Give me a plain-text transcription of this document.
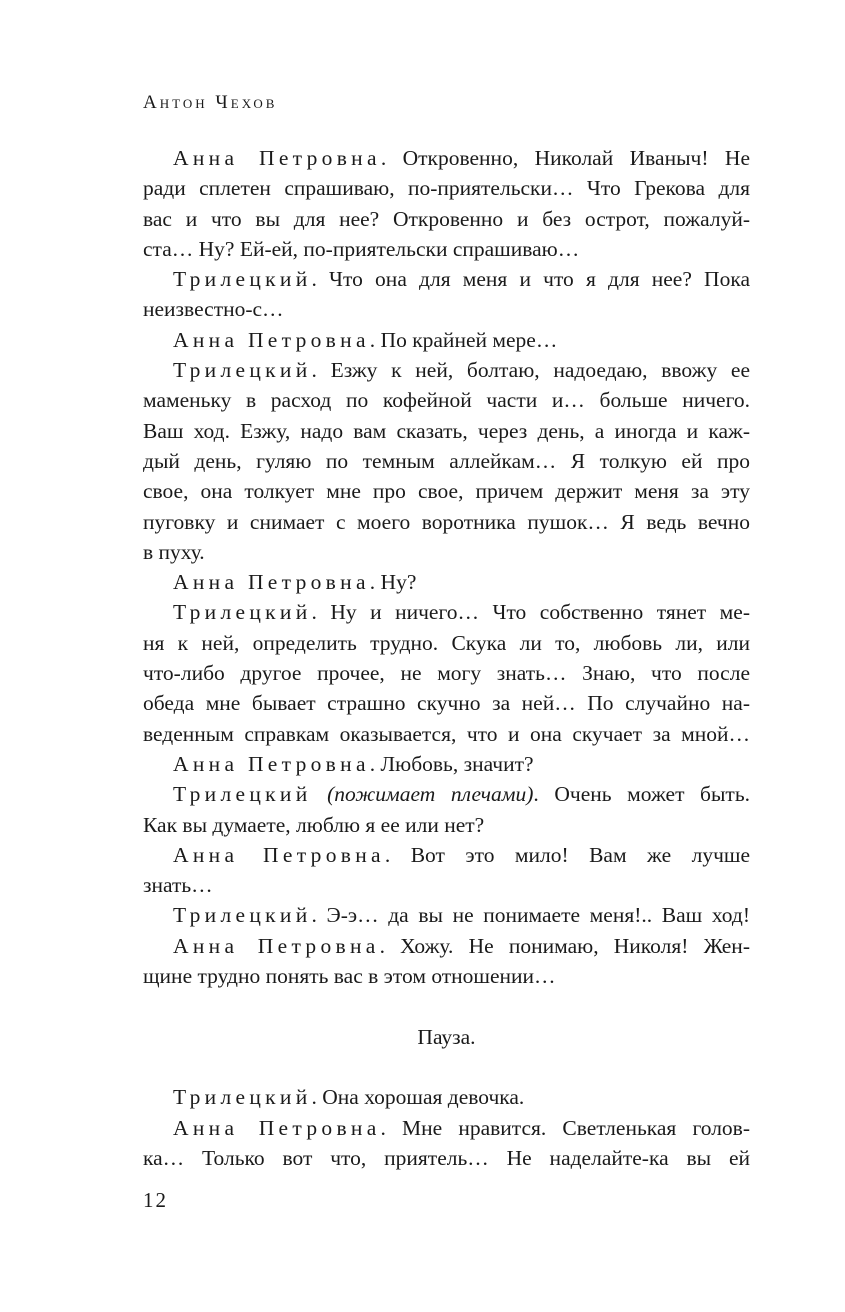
Антон Чехов
Анна Петровна. Откровенно, Николай Иваныч! Не
ради сплетен спрашиваю, по-приятельски… Что Грекова для
вас и что вы для нее? Откровенно и без острот, пожалуй-
ста… Ну? Ей-ей, по-приятельски спрашиваю…
Трилецкий. Что она для меня и что я для нее? Пока
неизвестно-с…
Анна Петровна. По крайней мере…
Трилецкий. Езжу к ней, болтаю, надоедаю, ввожу ее
маменьку в расход по кофейной части и… больше ничего.
Ваш ход. Езжу, надо вам сказать, через день, а иногда и каж-
дый день, гуляю по темным аллейкам… Я толкую ей про
свое, она толкует мне про свое, причем держит меня за эту
пуговку и снимает с моего воротника пушок… Я ведь вечно
в пуху.
Анна Петровна. Ну?
Трилецкий. Ну и ничего… Что собственно тянет ме-
ня к ней, определить трудно. Скука ли то, любовь ли, или
что-либо другое прочее, не могу знать… Знаю, что после
обеда мне бывает страшно скучно за ней… По случайно на-
веденным справкам оказывается, что и она скучает за мной…
Анна Петровна. Любовь, значит?
Трилецкий (пожимает плечами). Очень может быть.
Как вы думаете, люблю я ее или нет?
Анна Петровна. Вот это мило! Вам же лучше
знать…
Трилецкий. Э-э… да вы не понимаете меня!.. Ваш ход!
Анна Петровна. Хожу. Не понимаю, Николя! Жен-
щине трудно понять вас в этом отношении…
Пауза.
Трилецкий. Она хорошая девочка.
Анна Петровна. Мне нравится. Светленькая голов-
ка… Только вот что, приятель… Не наделайте-ка вы ей
12
